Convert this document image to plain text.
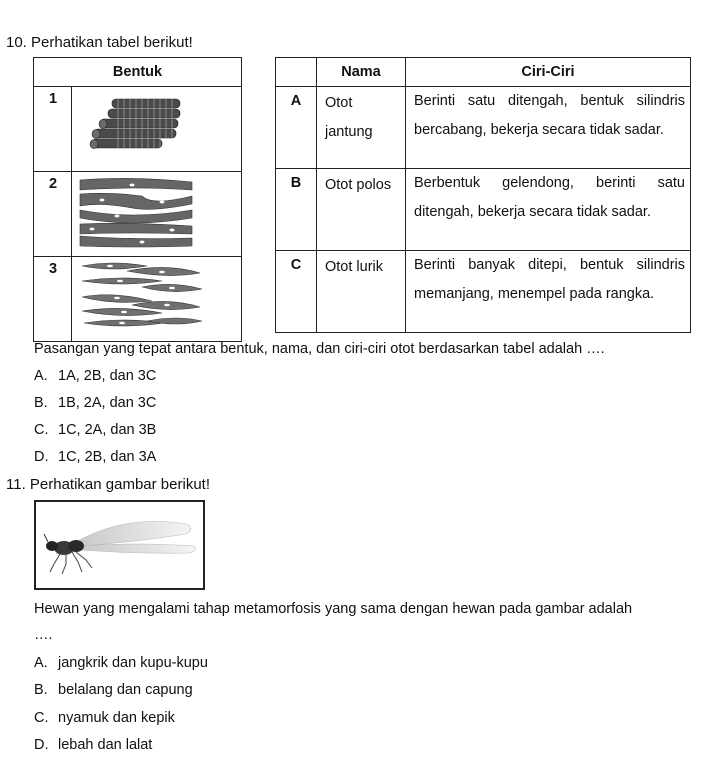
10. Perhatikan tabel berikut!
Bentuk	
1	
2	
3	
	Nama	Ciri-Ciri
A	Otot jantung	Berinti satu ditengah, bentuk silindris bercabang, bekerja secara tidak sadar.
B	Otot polos	Berbentuk gelendong, berinti satu ditengah, bekerja secara tidak sadar.
C	Otot lurik	Berinti banyak ditepi, bentuk silindris memanjang, menempel pada rangka.
Pasangan yang tepat antara bentuk, nama, dan ciri-ciri otot berdasarkan tabel adalah ….
A. 1A, 2B, dan 3C
B. 1B, 2A, dan 3C
C. 1C, 2A, dan 3B
D. 1C, 2B, dan 3A
11. Perhatikan gambar berikut!
Hewan yang mengalami tahap metamorfosis yang sama dengan hewan pada gambar adalah
….
A. jangkrik dan kupu-kupu
B. belalang dan capung
C. nyamuk dan kepik
D. lebah dan lalat
